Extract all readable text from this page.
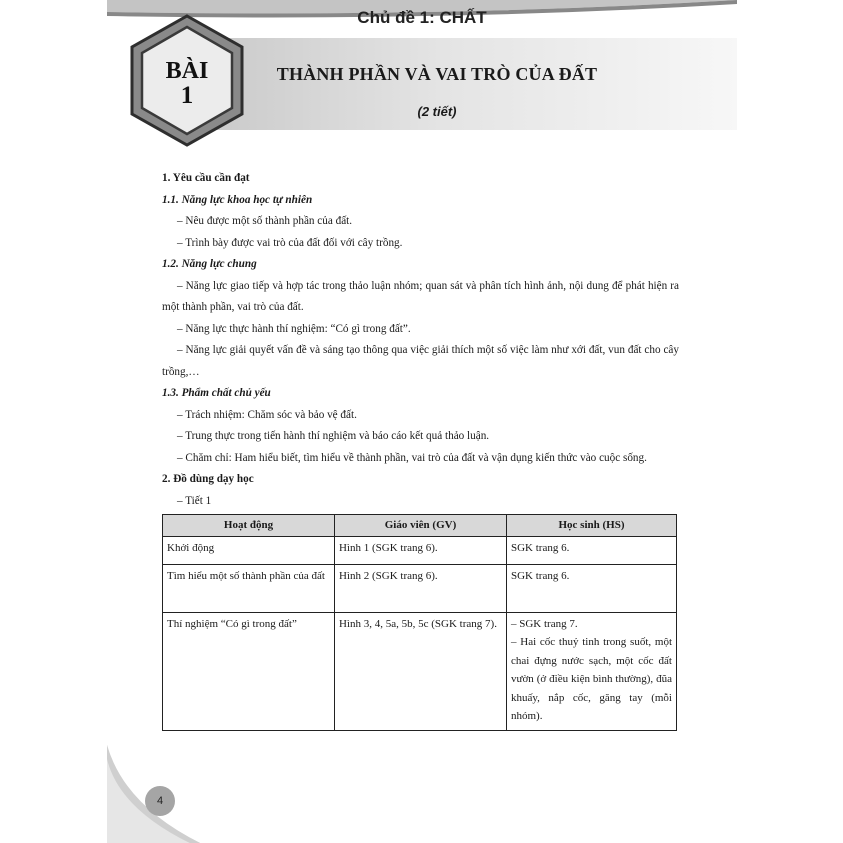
Chủ đề 1: CHẤT
BÀI
1
THÀNH PHẦN VÀ VAI TRÒ CỦA ĐẤT
(2 tiết)

1. Yêu cầu cần đạt

1.1. Năng lực khoa học tự nhiên

– Nêu được một số thành phần của đất.

– Trình bày được vai trò của đất đối với cây trồng.

1.2. Năng lực chung

– Năng lực giao tiếp và hợp tác trong thảo luận nhóm; quan sát và phân tích hình ảnh, nội dung để phát hiện ra một thành phần, vai trò của đất.

– Năng lực thực hành thí nghiệm: “Có gì trong đất”.

– Năng lực giải quyết vấn đề và sáng tạo thông qua việc giải thích một số việc làm như xới đất, vun đất cho cây trồng,…

1.3. Phẩm chất chủ yếu

– Trách nhiệm: Chăm sóc và bảo vệ đất.

– Trung thực trong tiến hành thí nghiệm và báo cáo kết quả thảo luận.

– Chăm chỉ: Ham hiểu biết, tìm hiểu về thành phần, vai trò của đất và vận dụng kiến thức vào cuộc sống.

2. Đồ dùng dạy học

– Tiết 1

Hoạt động	Giáo viên (GV)	Học sinh (HS)
Khởi động	Hình 1 (SGK trang 6).	SGK trang 6.
Tìm hiểu một số thành phần của đất	Hình 2 (SGK trang 6).	SGK trang 6.
Thí nghiệm “Có gì trong đất”	Hình 3, 4, 5a, 5b, 5c (SGK trang 7).	– SGK trang 7.
– Hai cốc thuỷ tinh trong suốt, một chai đựng nước sạch, một cốc đất vườn (ở điều kiện bình thường), đũa khuấy, nắp cốc, găng tay (mỗi nhóm).
4
